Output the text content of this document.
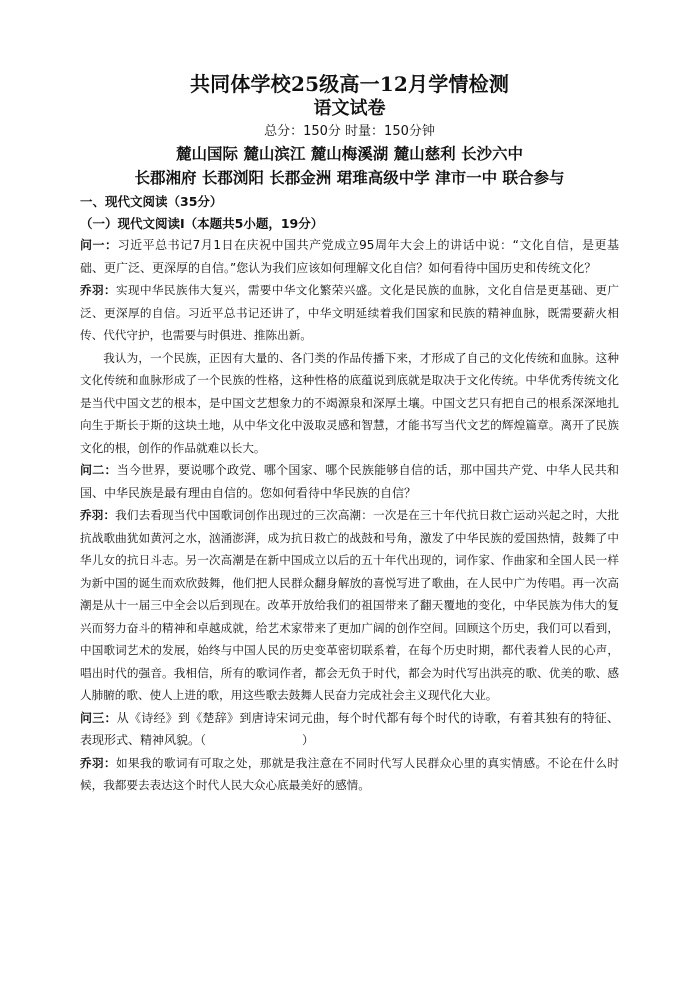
共同体学校25级高一12月学情检测
语文试卷

总分：150分 时量：150分钟

麓山国际 麓山滨江 麓山梅溪湖 麓山慈利 长沙六中

长郡湘府 长郡浏阳 长郡金洲 珺琟高级中学 津市一中 联合参与

一、现代文阅读（35分）

（一）现代文阅读Ⅰ（本题共5小题，19分）

问一：习近平总书记7月1日在庆祝中国共产党成立95周年大会上的讲话中说：“文化自信，是更基础、更广泛、更深厚的自信。”您认为我们应该如何理解文化自信？如何看待中国历史和传统文化？

乔羽：实现中华民族伟大复兴，需要中华文化繁荣兴盛。文化是民族的血脉，文化自信是更基础、更广泛、更深厚的自信。习近平总书记还讲了，中华文明延续着我们国家和民族的精神血脉，既需要薪火相传、代代守护，也需要与时俱进、推陈出新。

我认为，一个民族，正因有大量的、各门类的作品传播下来，才形成了自己的文化传统和血脉。这种文化传统和血脉形成了一个民族的性格，这种性格的底蕴说到底就是取决于文化传统。中华优秀传统文化是当代中国文艺的根本，是中国文艺想象力的不竭源泉和深厚土壤。中国文艺只有把自己的根系深深地扎向生于斯长于斯的这块土地，从中华文化中汲取灵感和智慧，才能书写当代文艺的辉煌篇章。离开了民族文化的根，创作的作品就难以长大。

问二：当今世界，要说哪个政党、哪个国家、哪个民族能够自信的话，那中国共产党、中华人民共和国、中华民族是最有理由自信的。您如何看待中华民族的自信？

乔羽：我们去看现当代中国歌词创作出现过的三次高潮：一次是在三十年代抗日救亡运动兴起之时，大批抗战歌曲犹如黄河之水，汹涌澎湃，成为抗日救亡的战鼓和号角，激发了中华民族的爱国热情，鼓舞了中华儿女的抗日斗志。另一次高潮是在新中国成立以后的五十年代出现的，词作家、作曲家和全国人民一样为新中国的诞生而欢欣鼓舞，他们把人民群众翻身解放的喜悦写进了歌曲，在人民中广为传唱。再一次高潮是从十一届三中全会以后到现在。改革开放给我们的祖国带来了翻天覆地的变化，中华民族为伟大的复兴而努力奋斗的精神和卓越成就，给艺术家带来了更加广阔的创作空间。回顾这个历史，我们可以看到，中国歌词艺术的发展，始终与中国人民的历史变革密切联系着，在每个历史时期，都代表着人民的心声，唱出时代的强音。我相信，所有的歌词作者，都会无负于时代，都会为时代写出洪亮的歌、优美的歌、感人肺腑的歌、使人上进的歌，用这些歌去鼓舞人民奋力完成社会主义现代化大业。

问三：从《诗经》到《楚辞》到唐诗宋词元曲，每个时代都有每个时代的诗歌，有着其独有的特征、表现形式、精神风貌。（	）

乔羽：如果我的歌词有可取之处，那就是我注意在不同时代写人民群众心里的真实情感。不论在什么时候，我都要去表达这个时代人民大众心底最美好的感情。
